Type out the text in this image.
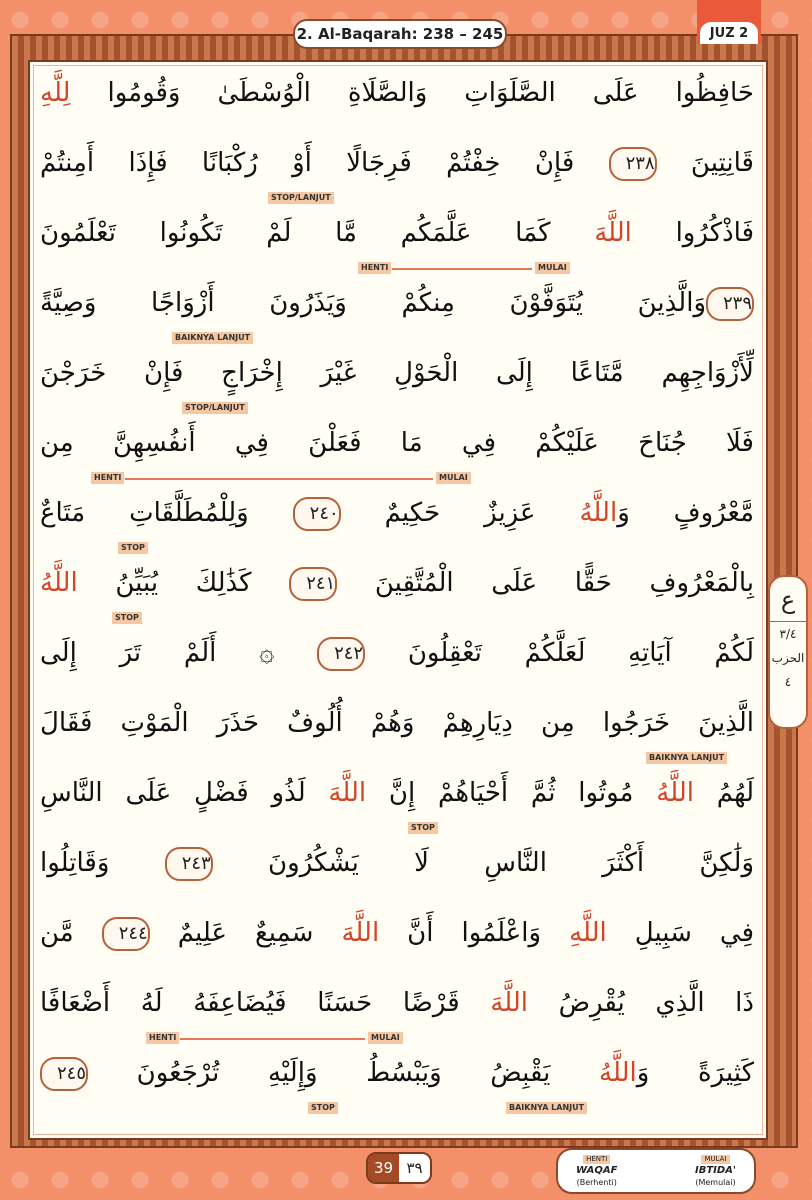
2. Al-Baqarah: 238 – 245	JUZ 2
حَافِظُوا عَلَى الصَّلَوَاتِ وَالصَّلَاةِ الْوُسْطَىٰ وَقُومُوا لِلَّهِ
قَانِتِينَ ٢٣٨ فَإِنْ خِفْتُمْ فَرِجَالًا أَوْ رُكْبَانًا فَإِذَا أَمِنتُمْ
STOP/LANJUT
فَاذْكُرُوا اللَّهَ كَمَا عَلَّمَكُم مَّا لَمْ تَكُونُوا تَعْلَمُونَ
HENTI	MULAI
٢٣٩وَالَّذِينَ يُتَوَفَّوْنَ مِنكُمْ وَيَذَرُونَ أَزْوَاجًا وَصِيَّةً
BAIKNYA LANJUT
لِّأَزْوَاجِهِم مَّتَاعًا إِلَى الْحَوْلِ غَيْرَ إِخْرَاجٍ فَإِنْ خَرَجْنَ
STOP/LANJUT
فَلَا جُنَاحَ عَلَيْكُمْ فِي مَا فَعَلْنَ فِي أَنفُسِهِنَّ مِن
HENTI	MULAI
مَّعْرُوفٍ وَاللَّهُ عَزِيزٌ حَكِيمٌ ٢٤٠ وَلِلْمُطَلَّقَاتِ مَتَاعٌ
STOP
بِالْمَعْرُوفِ حَقًّا عَلَى الْمُتَّقِينَ ٢٤١ كَذَٰلِكَ يُبَيِّنُ اللَّهُ
STOP
لَكُمْ آيَاتِهِ لَعَلَّكُمْ تَعْقِلُونَ ٢٤٢ ۞ أَلَمْ تَرَ إِلَى
الَّذِينَ خَرَجُوا مِن دِيَارِهِمْ وَهُمْ أُلُوفٌ حَذَرَ الْمَوْتِ فَقَالَ
BAIKNYA LANJUT
لَهُمُ اللَّهُ مُوتُوا ثُمَّ أَحْيَاهُمْ إِنَّ اللَّهَ لَذُو فَضْلٍ عَلَى النَّاسِ
STOP
وَلَٰكِنَّ أَكْثَرَ النَّاسِ لَا يَشْكُرُونَ ٢٤٣ وَقَاتِلُوا
فِي سَبِيلِ اللَّهِ وَاعْلَمُوا أَنَّ اللَّهَ سَمِيعٌ عَلِيمٌ ٢٤٤ مَّن
ذَا الَّذِي يُقْرِضُ اللَّهَ قَرْضًا حَسَنًا فَيُضَاعِفَهُ لَهُ أَضْعَافًا
HENTI	MULAI
كَثِيرَةً وَاللَّهُ يَقْبِضُ وَيَبْسُطُ وَإِلَيْهِ تُرْجَعُونَ ٢٤٥
STOP	BAIKNYA LANJUT
ع
٣/٤
الحزب
٤
39 ٣٩
HENTI
WAQAF
(Berhenti)
MULAI
IBTIDA'
(Memulai)
